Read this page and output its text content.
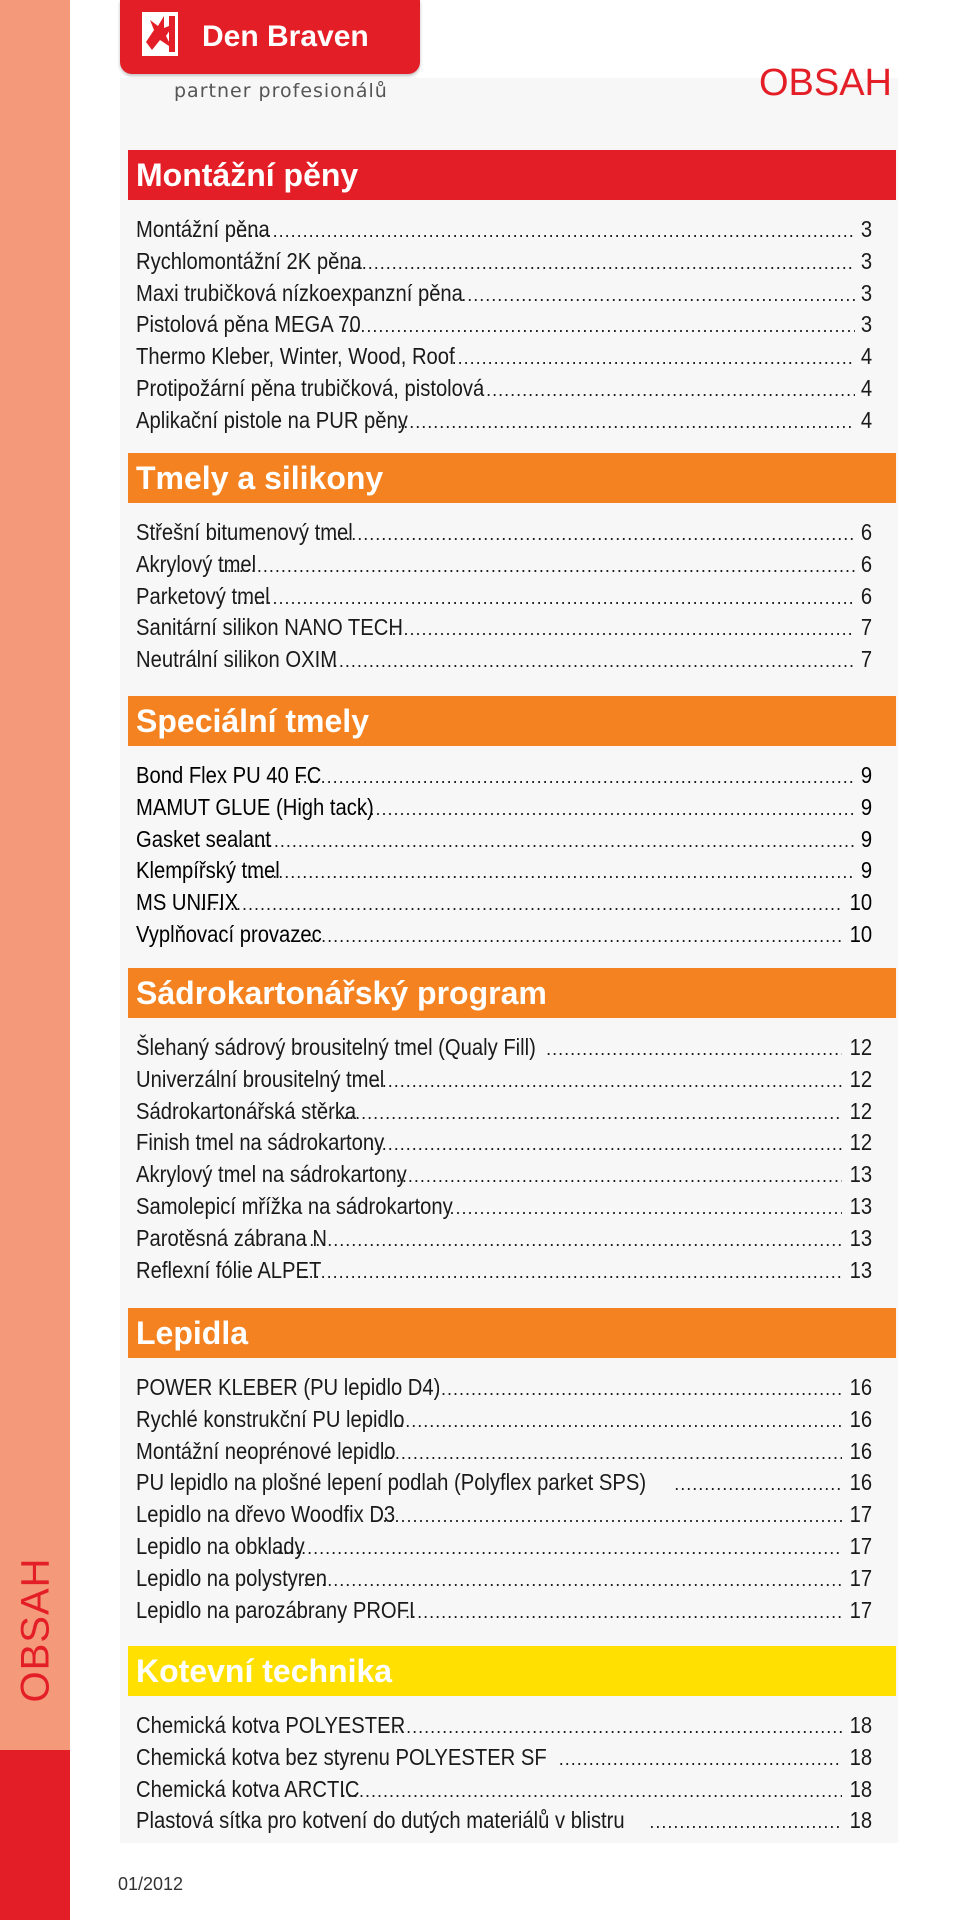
OBSAH
Den Braven
partner profesionálů	OBSAH
Montážní pěny
Montážní pěna .....	3
Rychlomontážní 2K pěna .....	3
Maxi trubičková nízkoexpanzní pěna .....	3
Pistolová pěna MEGA 70 .....	3
Thermo Kleber, Winter, Wood, Roof .....	4
Protipožární pěna trubičková, pistolová .....	4
Aplikační pistole na PUR pěny .....	4
Tmely a silikony
Střešní bitumenový tmel .....	6
Akrylový tmel .....	6
Parketový tmel .....	6
Sanitární silikon NANO TECH .....	7
Neutrální silikon OXIM .....	7
Speciální tmely
Bond Flex PU 40 FC .....	9
MAMUT GLUE (High tack) .....	9
Gasket sealant .....	9
Klempířský tmel .....	9
MS UNIFIX .....	10
Vyplňovací provazec .....	10
Sádrokartonářský program
Šlehaný sádrový brousitelný tmel (Qualy Fill) .....	12
Univerzální brousitelný tmel .....	12
Sádrokartonářská stěrka .....	12
Finish tmel na sádrokartony .....	12
Akrylový tmel na sádrokartony .....	13
Samolepicí mřížka na sádrokartony .....	13
Parotěsná zábrana N .....	13
Reflexní fólie ALPET .....	13
Lepidla
POWER KLEBER (PU lepidlo D4) .....	16
Rychlé konstrukční PU lepidlo .....	16
Montážní neoprénové lepidlo .....	16
PU lepidlo na plošné lepení podlah (Polyflex parket SPS) .....	16
Lepidlo na dřevo Woodfix D3 .....	17
Lepidlo na obklady .....	17
Lepidlo na polystyren .....	17
Lepidlo na parozábrany PROFI .....	17
Kotevní technika
Chemická kotva POLYESTER .....	18
Chemická kotva bez styrenu POLYESTER SF .....	18
Chemická kotva ARCTIC .....	18
Plastová sítka pro kotvení do dutých materiálů v blistru .....	18
01/2012
